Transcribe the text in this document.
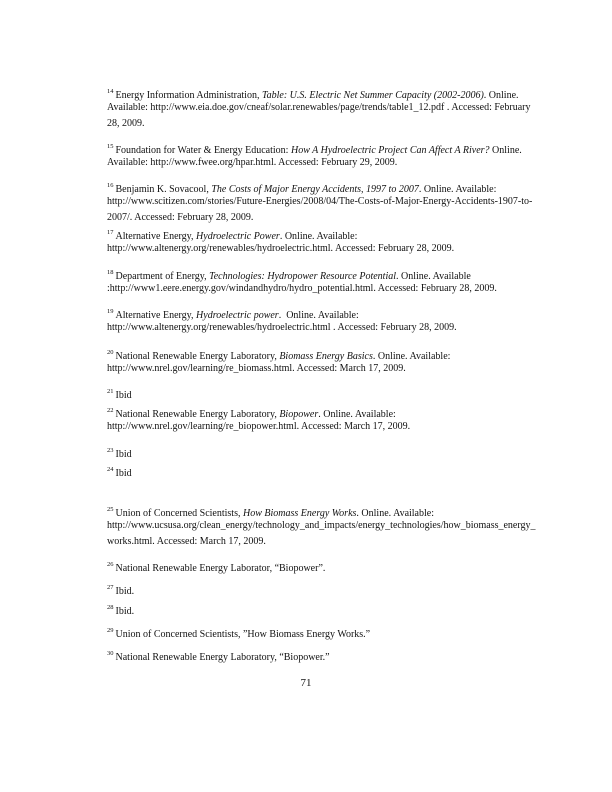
$^{14}$ Energy Information Administration, Table: U.S. Electric Net Summer Capacity (2002-2006). Online.
Available: http://www.eia.doe.gov/cneaf/solar.renewables/page/trends/table1_12.pdf . Accessed: February
28, 2009.
$^{15}$ Foundation for Water & Energy Education: How A Hydroelectric Project Can Affect A River? Online.
Available: http://www.fwee.org/hpar.html. Accessed: February 29, 2009.
$^{16}$ Benjamin K. Sovacool, The Costs of Major Energy Accidents, 1997 to 2007. Online. Available:
http://www.scitizen.com/stories/Future-Energies/2008/04/The-Costs-of-Major-Energy-Accidents-1907-to-
2007/. Accessed: February 28, 2009.
$^{17}$ Alternative Energy, Hydroelectric Power. Online. Available:
http://www.altenergy.org/renewables/hydroelectric.html. Accessed: February 28, 2009.
$^{18}$ Department of Energy, Technologies: Hydropower Resource Potential. Online. Available
:http://www1.eere.energy.gov/windandhydro/hydro_potential.html. Accessed: February 28, 2009.
$^{19}$ Alternative Energy, Hydroelectric power.  Online. Available:
http://www.altenergy.org/renewables/hydroelectric.html . Accessed: February 28, 2009.
$^{20}$ National Renewable Energy Laboratory, Biomass Energy Basics. Online. Available:
http://www.nrel.gov/learning/re_biomass.html. Accessed: March 17, 2009.
$^{21}$ Ibid
$^{22}$ National Renewable Energy Laboratory, Biopower. Online. Available:
http://www.nrel.gov/learning/re_biopower.html. Accessed: March 17, 2009.
$^{23}$ Ibid
$^{24}$ Ibid
$^{25}$ Union of Concerned Scientists, How Biomass Energy Works. Online. Available:
http://www.ucsusa.org/clean_energy/technology_and_impacts/energy_technologies/how_biomass_energy_
works.html. Accessed: March 17, 2009.
$^{26}$ National Renewable Energy Laborator, “Biopower”.
$^{27}$ Ibid.
$^{28}$ Ibid.
$^{29}$ Union of Concerned Scientists, ”How Biomass Energy Works.”
$^{30}$ National Renewable Energy Laboratory, “Biopower.”
71
